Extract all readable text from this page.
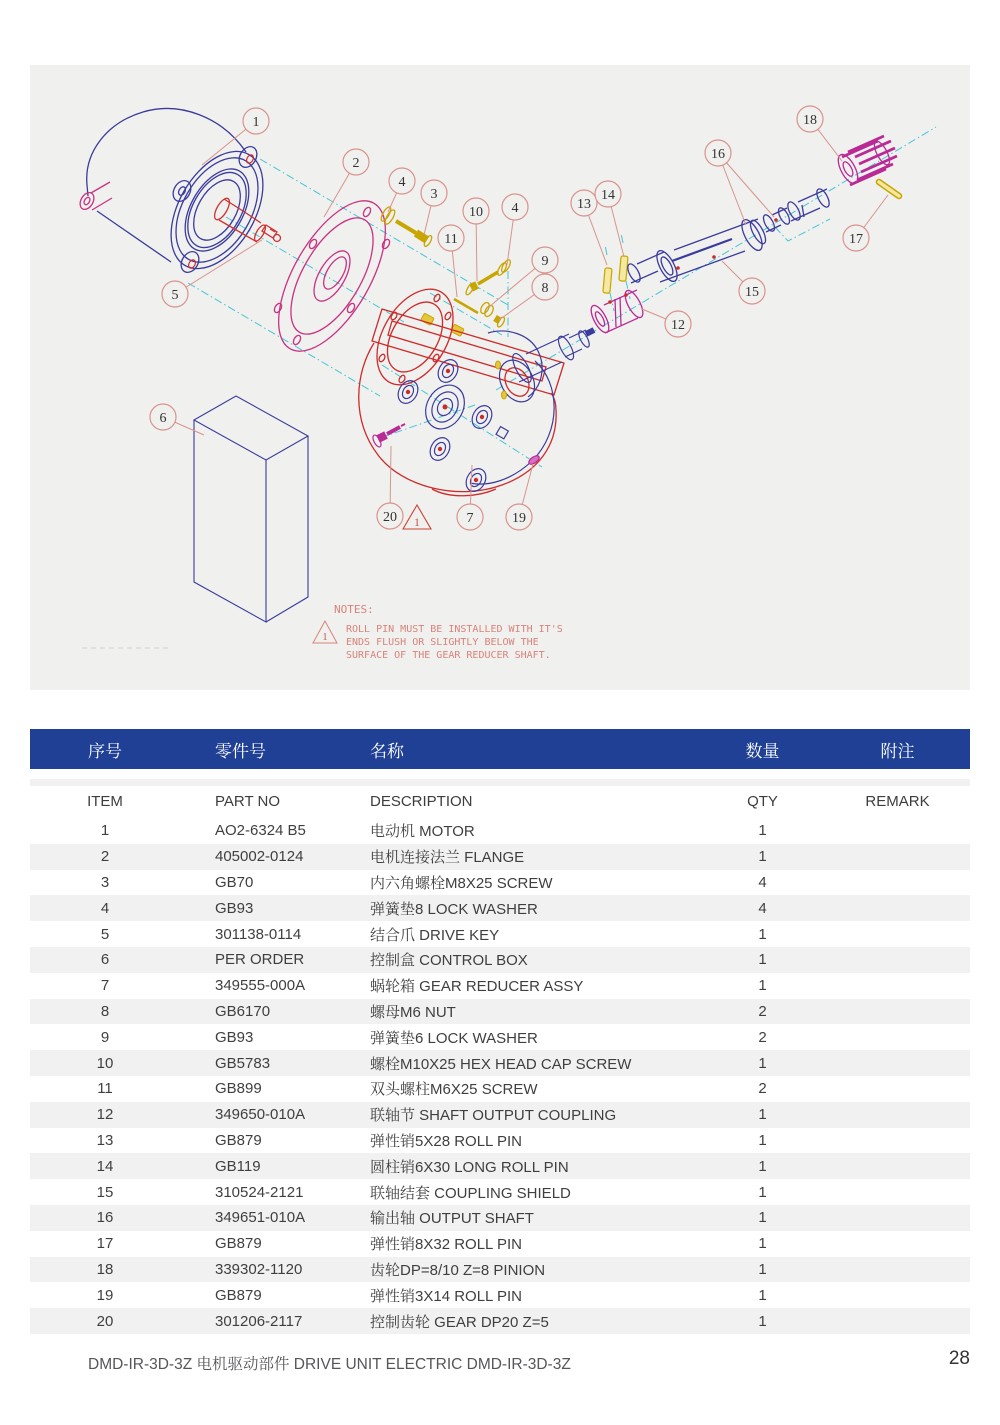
1
NOTES:
1
ROLL PIN MUST BE INSTALLED WITH IT'S
ENDS FLUSH OR SLIGHTLY BELOW THE
SURFACE OF THE GEAR REDUCER SHAFT.
1
2
4
3
10 4
11
9
8
13
14
16
18
17
15
12
5
6
20	7	19
序号	零件号	名称	数量	附注
ITEM	PART NO	DESCRIPTION	QTY	REMARK
1	AO2-6324 B5	电动机 MOTOR	1
2	405002-0124	电机连接法兰 FLANGE	1
3	GB70	内六角螺栓M8X25 SCREW	4
4	GB93	弹簧垫8 LOCK WASHER	4
5	301138-0114	结合爪 DRIVE KEY	1
6	PER ORDER	控制盒 CONTROL BOX	1
7	349555-000A	蜗轮箱 GEAR REDUCER ASSY	1
8	GB6170	螺母M6 NUT	2
9	GB93	弹簧垫6 LOCK WASHER	2
10	GB5783	螺栓M10X25 HEX HEAD CAP SCREW	1
11	GB899	双头螺柱M6X25 SCREW	2
12	349650-010A	联轴节 SHAFT OUTPUT COUPLING	1
13	GB879	弹性销5X28 ROLL PIN	1
14	GB119	圆柱销6X30 LONG ROLL PIN	1
15	310524-2121	联轴结套 COUPLING SHIELD	1
16	349651-010A	输出轴 OUTPUT SHAFT	1
17	GB879	弹性销8X32 ROLL PIN	1
18	339302-1120	齿轮DP=8/10 Z=8 PINION	1
19	GB879	弹性销3X14 ROLL PIN	1
20	301206-2117	控制齿轮 GEAR DP20 Z=5	1
DMD-IR-3D-3Z 电机驱动部件 DRIVE UNIT ELECTRIC DMD-IR-3D-3Z	28
